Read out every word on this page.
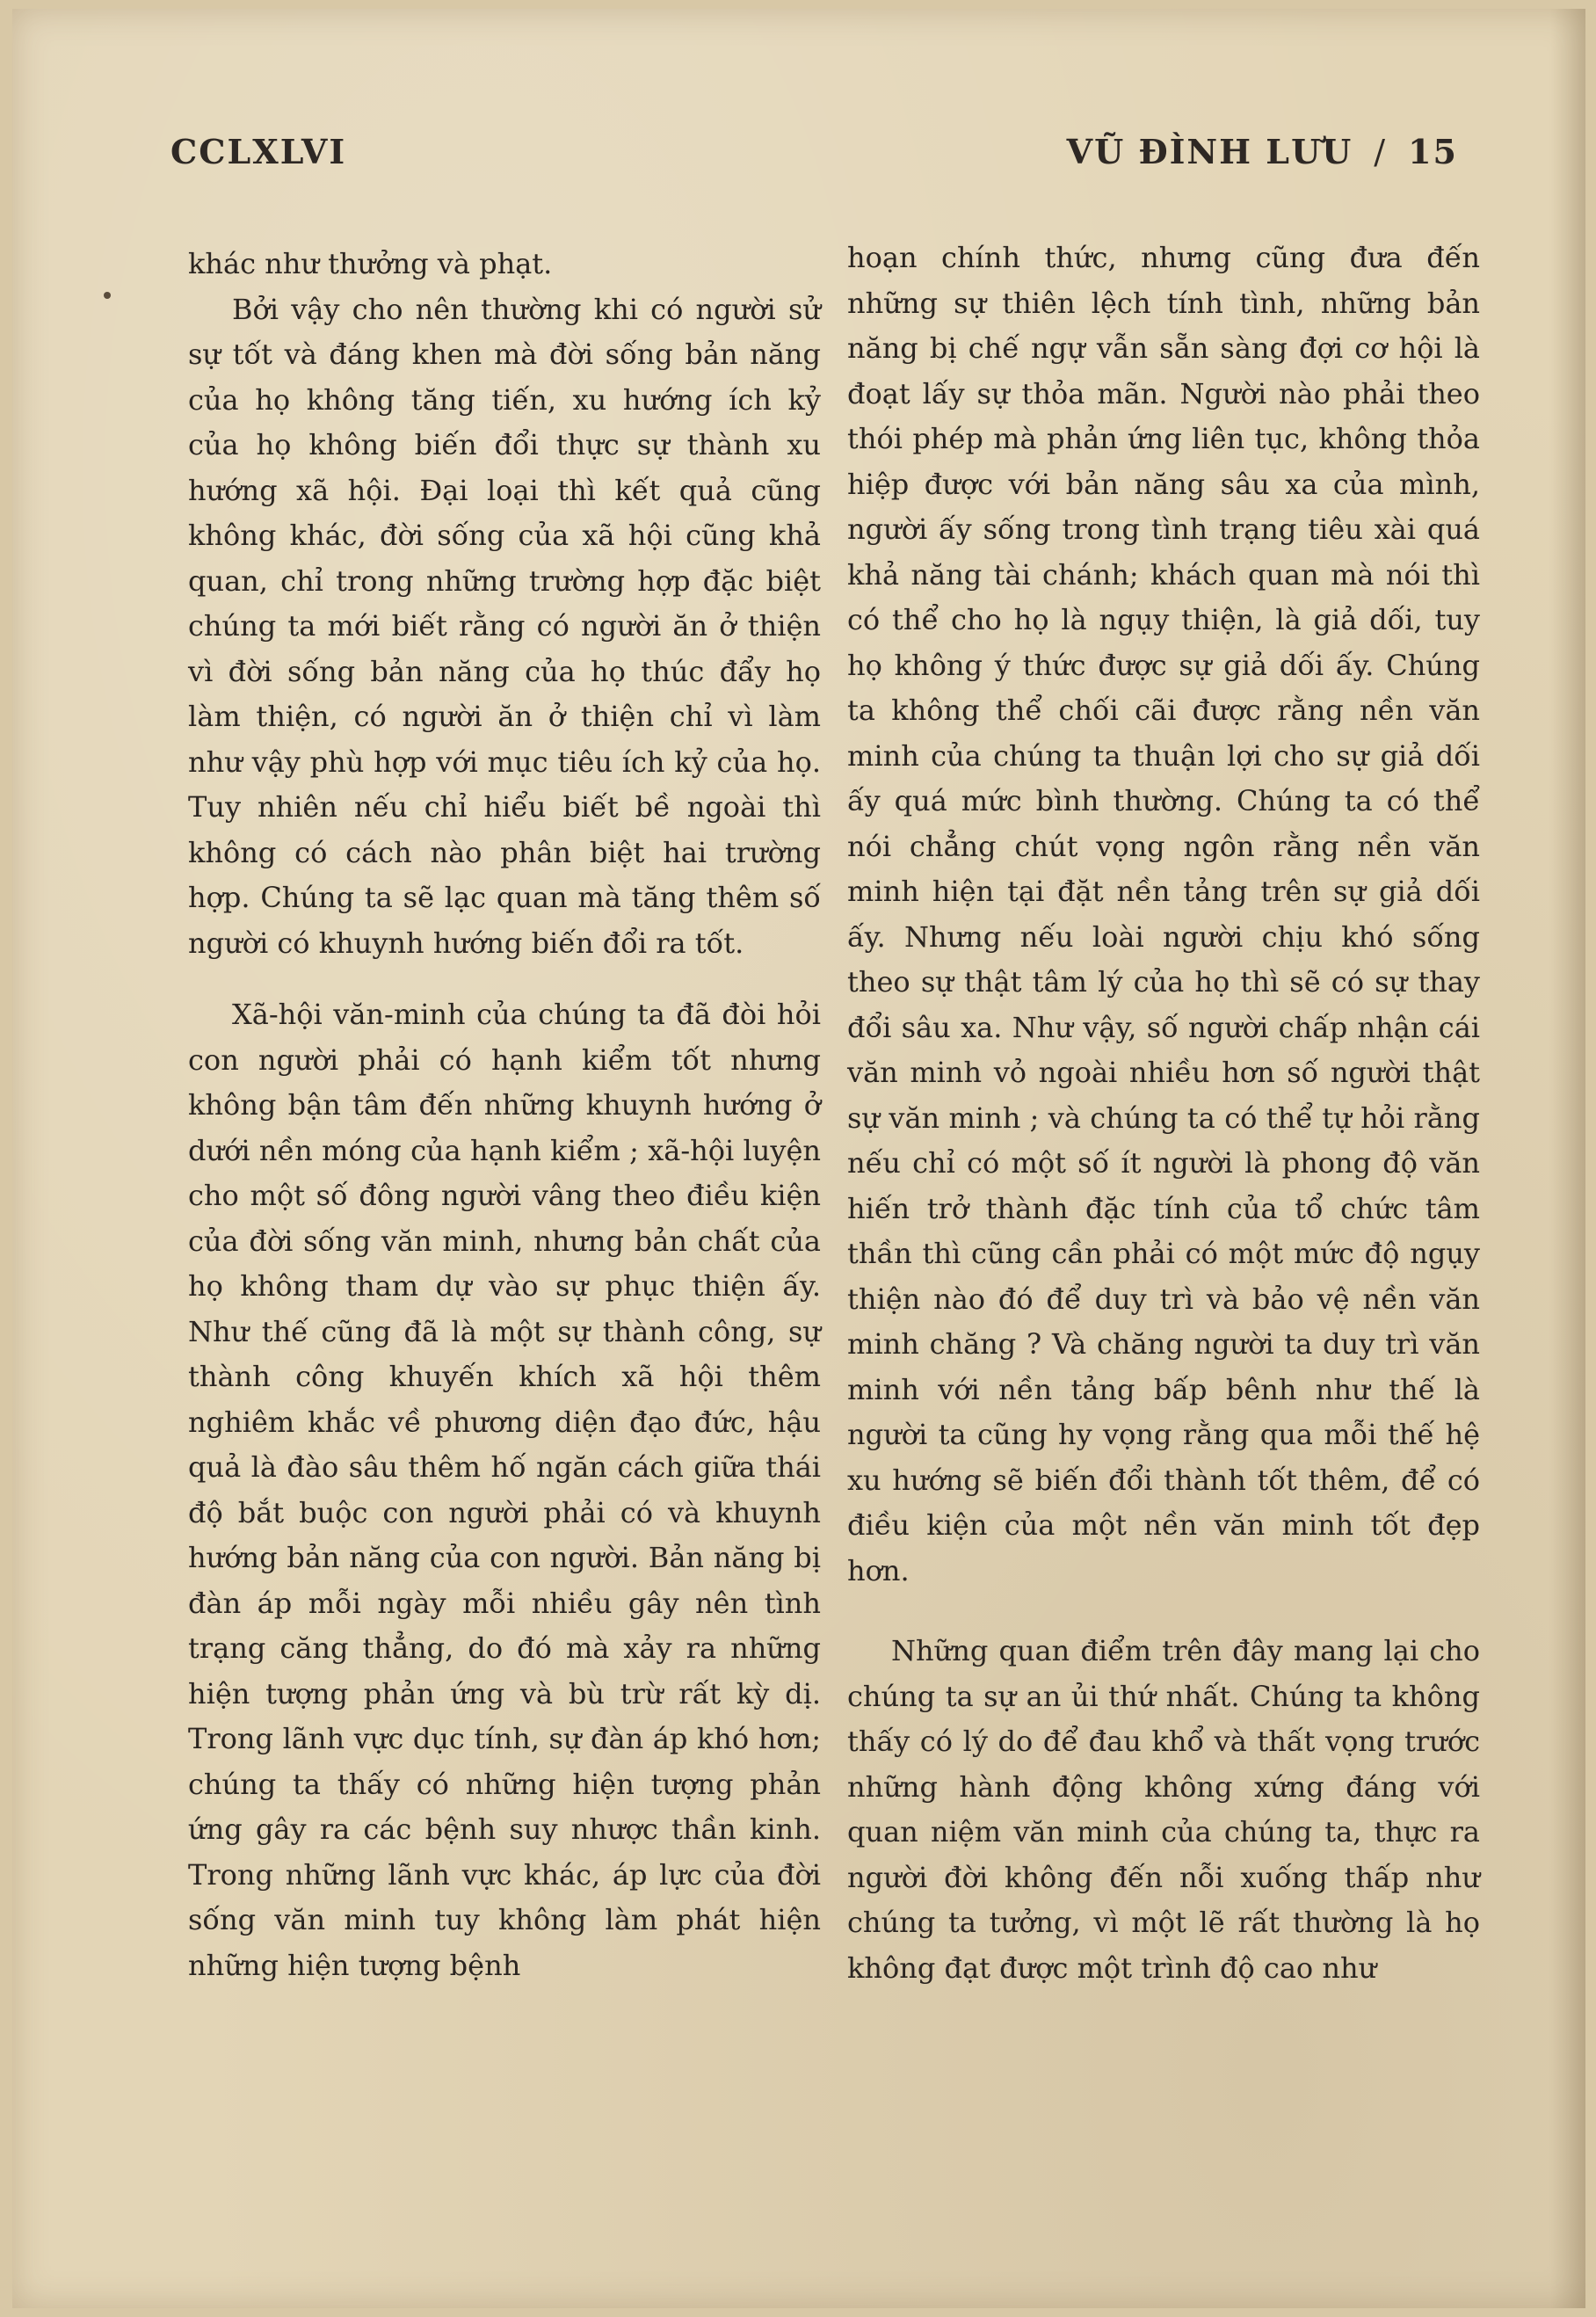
CCLXLVI	VŨ ĐÌNH LƯU / 15

khác như thưởng và phạt.

Bởi vậy cho nên thường khi có người sử sự tốt và đáng khen mà đời sống bản năng của họ không tăng tiến, xu hướng ích kỷ của họ không biến đổi thực sự thành xu hướng xã hội. Đại loại thì kết quả cũng không khác, đời sống của xã hội cũng khả quan, chỉ trong những trường hợp đặc biệt chúng ta mới biết rằng có người ăn ở thiện vì đời sống bản năng của họ thúc đẩy họ làm thiện, có người ăn ở thiện chỉ vì làm như vậy phù hợp với mục tiêu ích kỷ của họ. Tuy nhiên nếu chỉ hiểu biết bề ngoài thì không có cách nào phân biệt hai trường hợp. Chúng ta sẽ lạc quan mà tăng thêm số người có khuynh hướng biến đổi ra tốt.

Xã-hội văn-minh của chúng ta đã đòi hỏi con người phải có hạnh kiểm tốt nhưng không bận tâm đến những khuynh hướng ở dưới nền móng của hạnh kiểm ; xã-hội luyện cho một số đông người vâng theo điều kiện của đời sống văn minh, nhưng bản chất của họ không tham dự vào sự phục thiện ấy. Như thế cũng đã là một sự thành công, sự thành công khuyến khích xã hội thêm nghiêm khắc về phương diện đạo đức, hậu quả là đào sâu thêm hố ngăn cách giữa thái độ bắt buộc con người phải có và khuynh hướng bản năng của con người. Bản năng bị đàn áp mỗi ngày mỗi nhiều gây nên tình trạng căng thẳng, do đó mà xảy ra những hiện tượng phản ứng và bù trừ rất kỳ dị. Trong lãnh vực dục tính, sự đàn áp khó hơn; chúng ta thấy có những hiện tượng phản ứng gây ra các bệnh suy nhược thần kinh. Trong những lãnh vực khác, áp lực của đời sống văn minh tuy không làm phát hiện những hiện tượng bệnh

hoạn chính thức, nhưng cũng đưa đến những sự thiên lệch tính tình, những bản năng bị chế ngự vẫn sẵn sàng đợi cơ hội là đoạt lấy sự thỏa mãn. Người nào phải theo thói phép mà phản ứng liên tục, không thỏa hiệp được với bản năng sâu xa của mình, người ấy sống trong tình trạng tiêu xài quá khả năng tài chánh; khách quan mà nói thì có thể cho họ là ngụy thiện, là giả dối, tuy họ không ý thức được sự giả dối ấy. Chúng ta không thể chối cãi được rằng nền văn minh của chúng ta thuận lợi cho sự giả dối ấy quá mức bình thường. Chúng ta có thể nói chẳng chút vọng ngôn rằng nền văn minh hiện tại đặt nền tảng trên sự giả dối ấy. Nhưng nếu loài người chịu khó sống theo sự thật tâm lý của họ thì sẽ có sự thay đổi sâu xa. Như vậy, số người chấp nhận cái văn minh vỏ ngoài nhiều hơn số người thật sự văn minh ; và chúng ta có thể tự hỏi rằng nếu chỉ có một số ít người là phong độ văn hiến trở thành đặc tính của tổ chức tâm thần thì cũng cần phải có một mức độ ngụy thiện nào đó để duy trì và bảo vệ nền văn minh chăng ? Và chăng người ta duy trì văn minh với nền tảng bấp bênh như thế là người ta cũng hy vọng rằng qua mỗi thế hệ xu hướng sẽ biến đổi thành tốt thêm, để có điều kiện của một nền văn minh tốt đẹp hơn.

Những quan điểm trên đây mang lại cho chúng ta sự an ủi thứ nhất. Chúng ta không thấy có lý do để đau khổ và thất vọng trước những hành động không xứng đáng với quan niệm văn minh của chúng ta, thực ra người đời không đến nỗi xuống thấp như chúng ta tưởng, vì một lẽ rất thường là họ không đạt được một trình độ cao như
